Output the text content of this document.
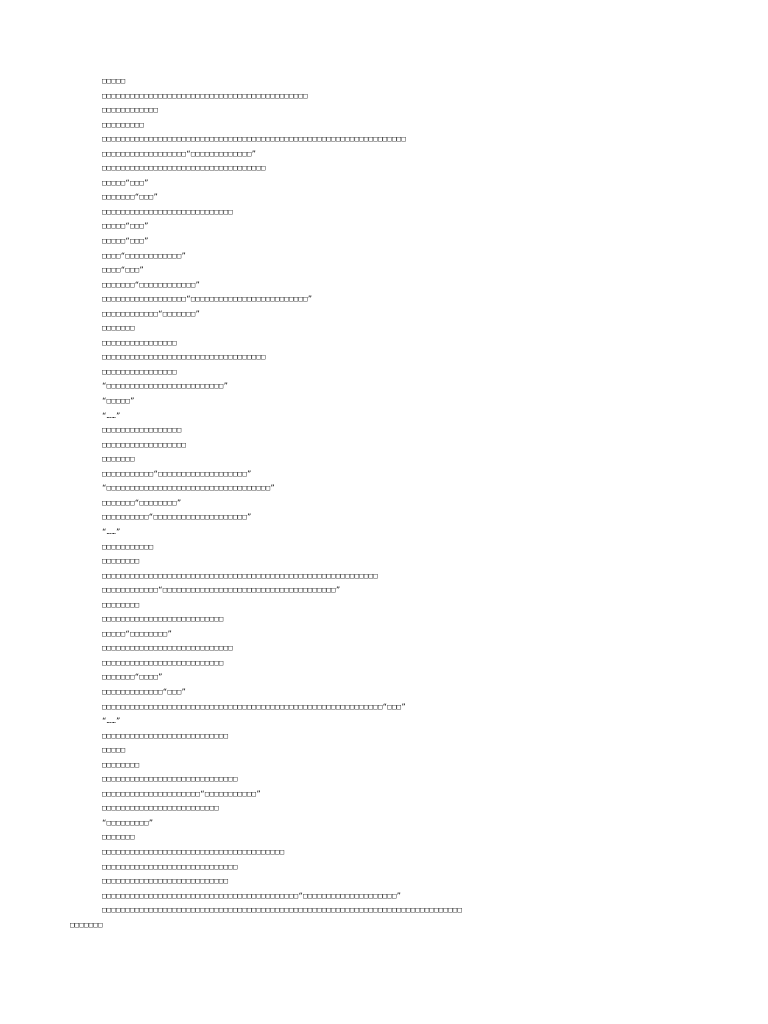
□□□□□
□□□□□□□□□□□□□□□□□□□□□□□□□□□□□□□□□□□□□□□□□□□□
□□□□□□□□□□□□
□□□□□□□□□
□□□□□□□□□□□□□□□□□□□□□□□□□□□□□□□□□□□□□□□□□□□□□□□□□□□□□□□□□□□□□□□□□
□□□□□□□□□□□□□□□□□□“□□□□□□□□□□□□□”
□□□□□□□□□□□□□□□□□□□□□□□□□□□□□□□□□□□
□□□□□“□□□”
□□□□□□□“□□□”
□□□□□□□□□□□□□□□□□□□□□□□□□□□□
□□□□□“□□□”
□□□□□“□□□”
□□□□“□□□□□□□□□□□□”
□□□□“□□□”
□□□□□□□“□□□□□□□□□□□□”
□□□□□□□□□□□□□□□□□□“□□□□□□□□□□□□□□□□□□□□□□□□□”
□□□□□□□□□□□□“□□□□□□□”
□□□□□□□
□□□□□□□□□□□□□□□□
□□□□□□□□□□□□□□□□□□□□□□□□□□□□□□□□□□□
□□□□□□□□□□□□□□□□
“□□□□□□□□□□□□□□□□□□□□□□□□□”
“□□□□□”
“……”
□□□□□□□□□□□□□□□□□
□□□□□□□□□□□□□□□□□□
□□□□□□□
□□□□□□□□□□□“□□□□□□□□□□□□□□□□□□□”
“□□□□□□□□□□□□□□□□□□□□□□□□□□□□□□□□□□□”
□□□□□□□“□□□□□□□□”
□□□□□□□□□□“□□□□□□□□□□□□□□□□□□□□”
“……”
□□□□□□□□□□□
□□□□□□□□
□□□□□□□□□□□□□□□□□□□□□□□□□□□□□□□□□□□□□□□□□□□□□□□□□□□□□□□□□□□
□□□□□□□□□□□□“□□□□□□□□□□□□□□□□□□□□□□□□□□□□□□□□□□□□□”
□□□□□□□□
□□□□□□□□□□□□□□□□□□□□□□□□□□
□□□□□“□□□□□□□□”
□□□□□□□□□□□□□□□□□□□□□□□□□□□□
□□□□□□□□□□□□□□□□□□□□□□□□□□
□□□□□□□“□□□□”
□□□□□□□□□□□□□“□□□”
□□□□□□□□□□□□□□□□□□□□□□□□□□□□□□□□□□□□□□□□□□□□□□□□□□□□□□□□□□□□“□□□”
“……”
□□□□□□□□□□□□□□□□□□□□□□□□□□□
□□□□□
□□□□□□□□
□□□□□□□□□□□□□□□□□□□□□□□□□□□□□
□□□□□□□□□□□□□□□□□□□□□“□□□□□□□□□□□”
□□□□□□□□□□□□□□□□□□□□□□□□□
“□□□□□□□□□”
□□□□□□□
□□□□□□□□□□□□□□□□□□□□□□□□□□□□□□□□□□□□□□□
□□□□□□□□□□□□□□□□□□□□□□□□□□□□□
□□□□□□□□□□□□□□□□□□□□□□□□□□□
□□□□□□□□□□□□□□□□□□□□□□□□□□□□□□□□□□□□□□□□□□“□□□□□□□□□□□□□□□□□□□□”
□□□□□□□□□□□□□□□□□□□□□□□□□□□□□□□□□□□□□□□□□□□□□□□□□□□□□□□□□□□□□□□□□□□□□□□□□□□□□
□□□□□□□
